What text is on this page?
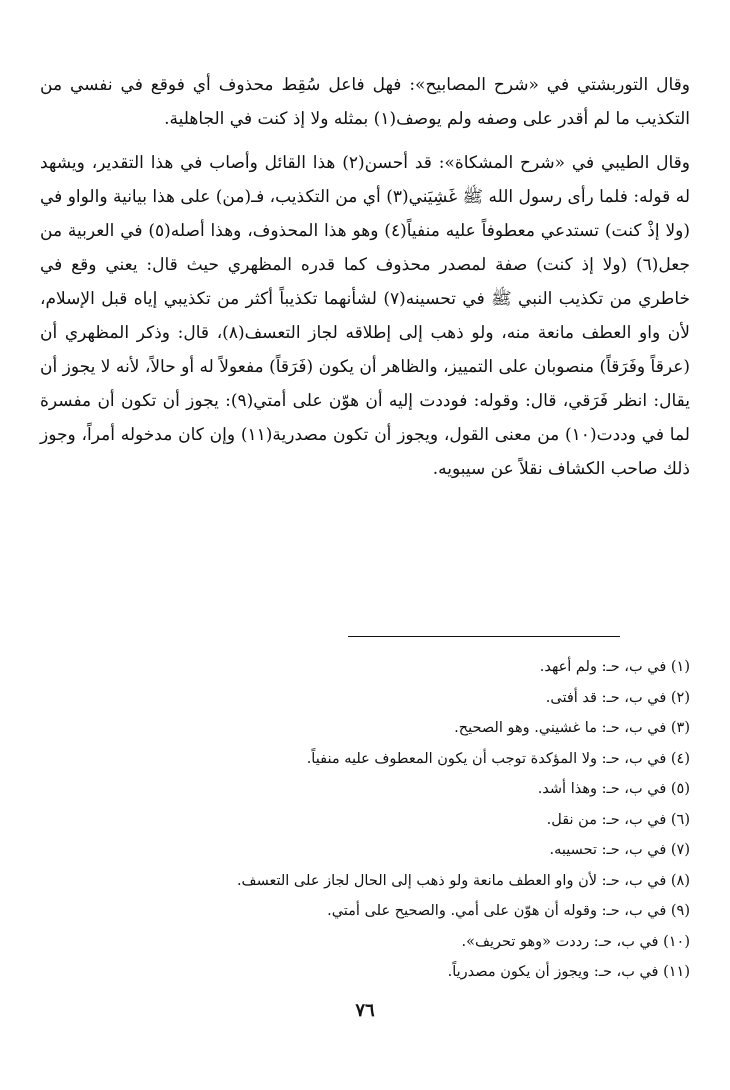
وقال التوربشتي في «شرح المصابيح»: فهل فاعل سُقِط محذوف أي فوقع في نفسي من التكذيب ما لم أقدر على وصفه ولم يوصف(١) بمثله ولا إذ كنت في الجاهلية.

وقال الطيبي في «شرح المشكاة»: قد أحسن(٢) هذا القائل وأصاب في هذا التقدير، ويشهد له قوله: فلما رأى رسول الله ﷺ غَشِيَني(٣) أي من التكذيب، فـ(من) على هذا بيانية والواو في (ولا إذْ كنت) تستدعي معطوفاً عليه منفياً(٤) وهو هذا المحذوف، وهذا أصله(٥) في العربية من جعل(٦) (ولا إذ كنت) صفة لمصدر محذوف كما قدره المظهري حيث قال: يعني وقع في خاطري من تكذيب النبي ﷺ في تحسينه(٧) لشأنهما تكذيباً أكثر من تكذيبي إياه قبل الإسلام، لأن واو العطف مانعة منه، ولو ذهب إلى إطلاقه لجاز التعسف(٨)، قال: وذكر المظهري أن (عرقاً وفَرَقاً) منصوبان على التمييز، والظاهر أن يكون (فَرَقاً) مفعولاً له أو حالاً، لأنه لا يجوز أن يقال: انظر فَرَقي، قال: وقوله: فوددت إليه أن هوّن على أمتي(٩): يجوز أن تكون أن مفسرة لما في وددت(١٠) من معنى القول، ويجوز أن تكون مصدرية(١١) وإن كان مدخوله أمراً، وجوز ذلك صاحب الكشاف نقلاً عن سيبويه.

(١) في ب، حـ: ولم أعهد.
(٢) في ب، حـ: قد أفتى.
(٣) في ب، حـ: ما غشيني. وهو الصحيح.
(٤) في ب، حـ: ولا المؤكدة توجب أن يكون المعطوف عليه منفياً.
(٥) في ب، حـ: وهذا أشد.
(٦) في ب، حـ: من نقل.
(٧) في ب، حـ: تحسيبه.
(٨) في ب، حـ: لأن واو العطف مانعة ولو ذهب إلى الحال لجاز على التعسف.
(٩) في ب، حـ: وقوله أن هوّن على أمي. والصحيح على أمتي.
(١٠) في ب، حـ: رددت «وهو تحريف».
(١١) في ب، حـ: ويجوز أن يكون مصدرياً.
٧٦
